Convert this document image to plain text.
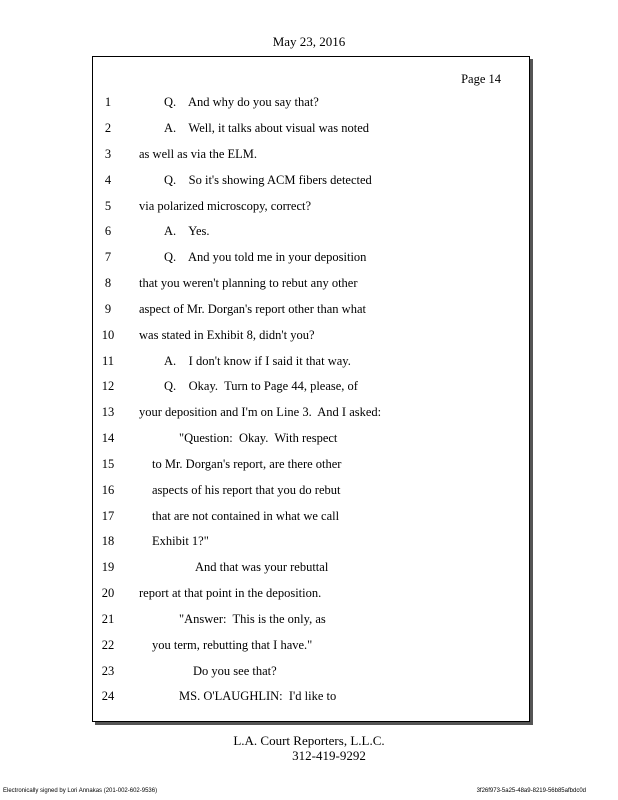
May 23, 2016
Page 14
1	Q.    And why do you say that?
2	A.    Well, it talks about visual was noted
3	as well as via the ELM.
4	Q.    So it's showing ACM fibers detected
5	via polarized microscopy, correct?
6	A.    Yes.
7	Q.    And you told me in your deposition
8	that you weren't planning to rebut any other
9	aspect of Mr. Dorgan's report other than what
10	was stated in Exhibit 8, didn't you?
11	A.    I don't know if I said it that way.
12	Q.    Okay.  Turn to Page 44, please, of
13	your deposition and I'm on Line 3.  And I asked:
14	"Question:  Okay.  With respect
15	to Mr. Dorgan's report, are there other
16	aspects of his report that you do rebut
17	that are not contained in what we call
18	Exhibit 1?"
19	And that was your rebuttal
20	report at that point in the deposition.
21	"Answer:  This is the only, as
22	you term, rebutting that I have."
23	Do you see that?
24	MS. O'LAUGHLIN:  I'd like to
L.A. Court Reporters, L.L.C.
312-419-9292
Electronically signed by Lori Annakas (201-002-602-9536)	3f26f973-5a25-48a9-8219-56b85afbdc0d
